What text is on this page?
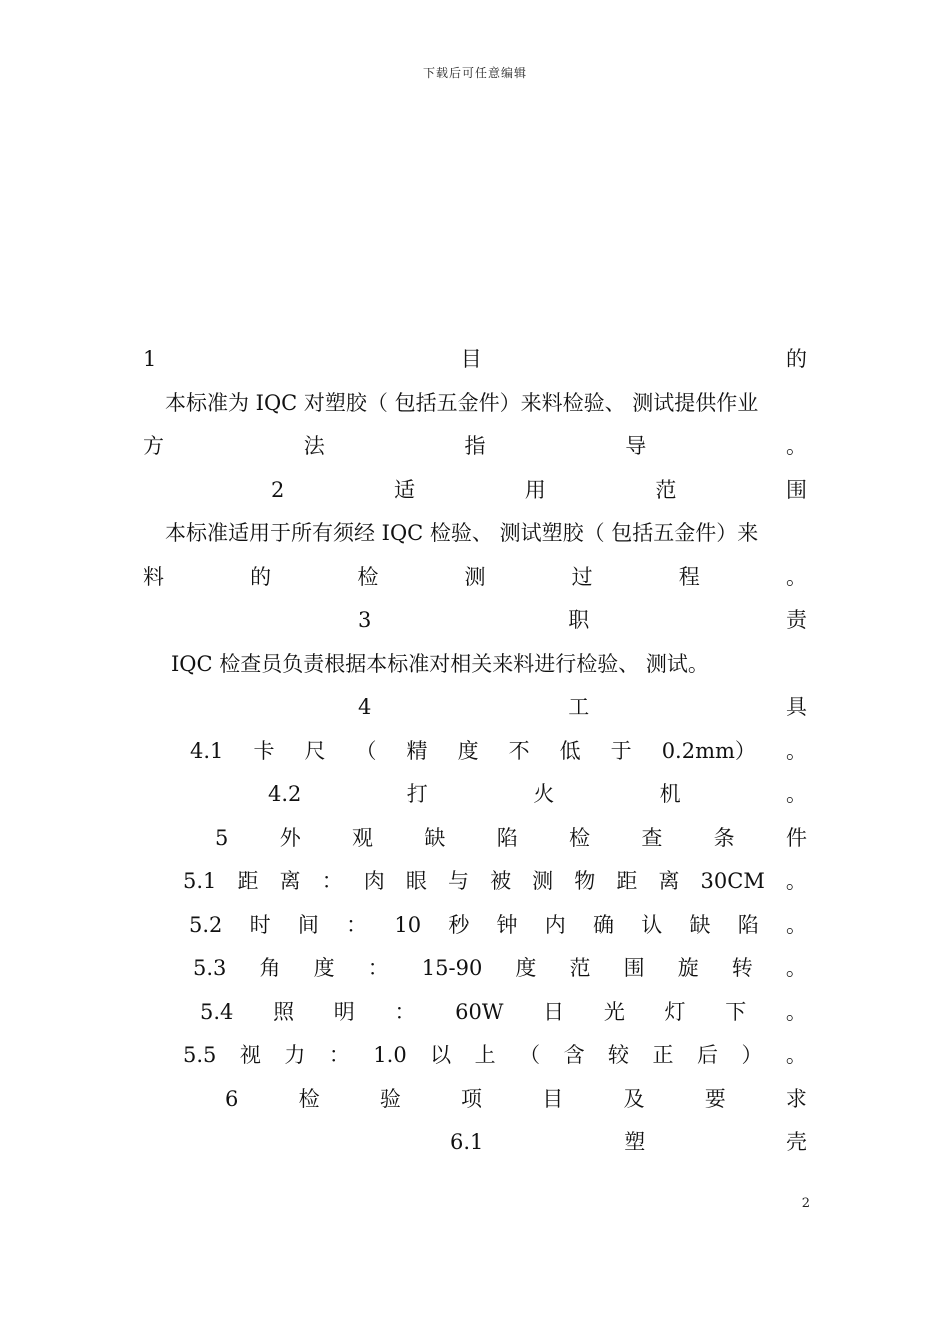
下载后可任意编辑
1	目	的
本标准为 IQC 对塑胶（ 包括五金件）来料检验、 测试提供作业
方	法	指	导	。
2	适	用	范	围
本标准适用于所有须经 IQC 检验、 测试塑胶（ 包括五金件）来
料	的	检	测	过	程	。
3	职	责
IQC 检查员负责根据本标准对相关来料进行检验、 测试。
4	工	具
4.1 卡 尺 （ 精 度 不 低 于 0.2mm） 。
4.2	打	火	机	。
5 外 观 缺 陷 检 查 条 件
5.1 距 离 ： 肉 眼 与 被 测 物 距 离 30CM 。
5.2 时 间 ： 10 秒 钟 内 确 认 缺 陷 。
5.3 角 度 ： 15-90 度 范 围 旋 转 。
5.4 照 明 ： 60W 日 光 灯 下 。
5.5 视 力 ： 1.0 以 上 （ 含 较 正 后 ） 。
6	检	验	项	目	及	要	求
6.1	塑	壳
2
